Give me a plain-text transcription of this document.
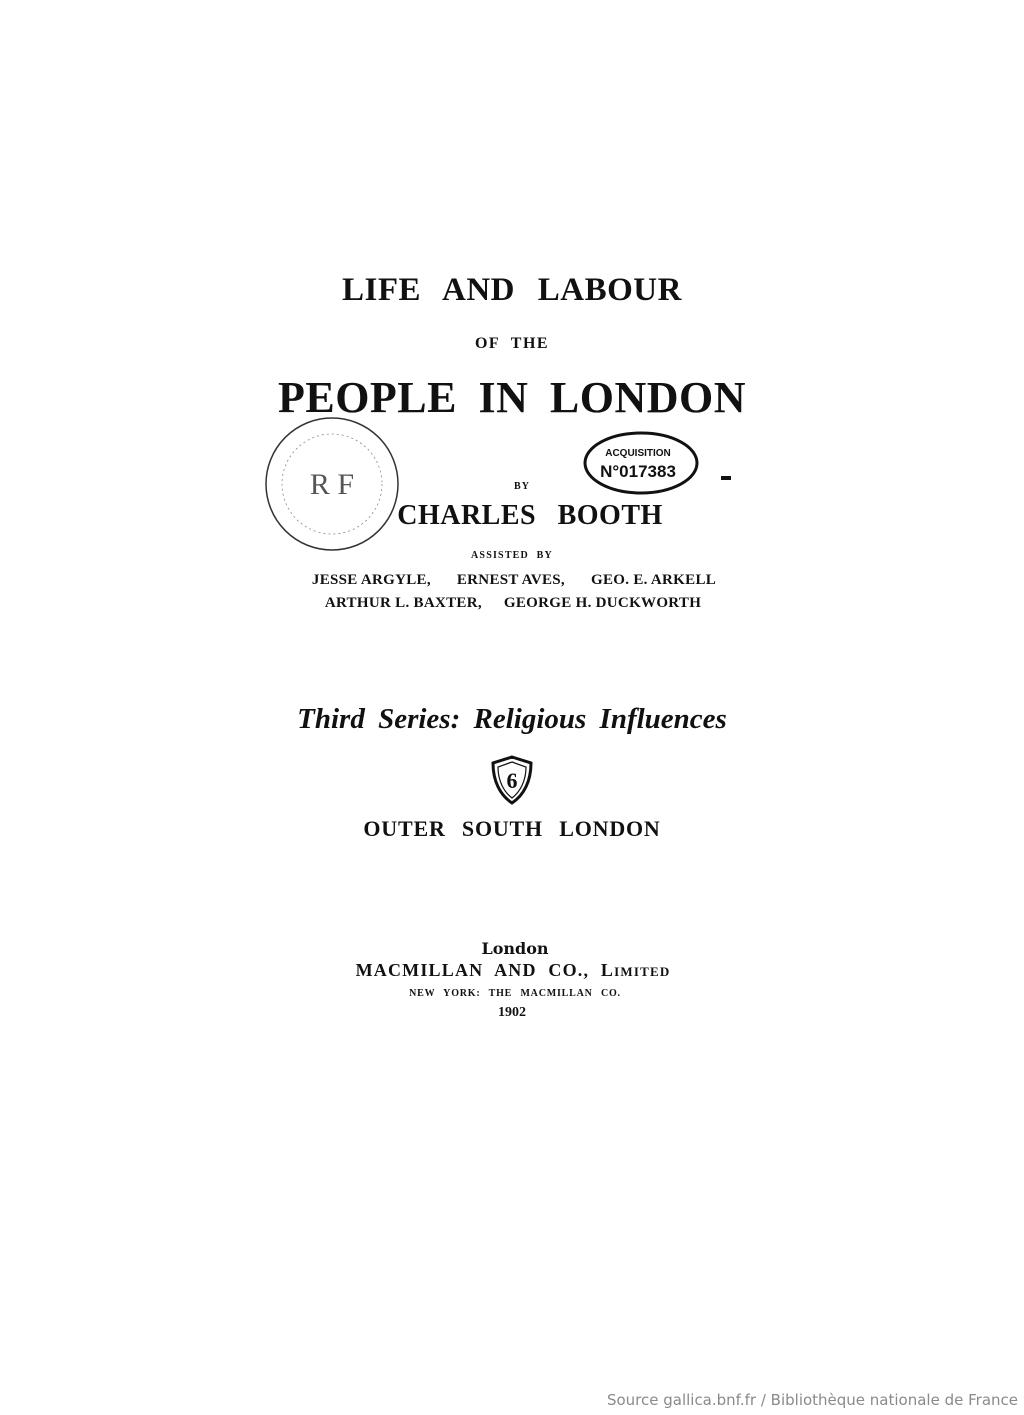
LIFE AND LABOUR
OF THE
PEOPLE IN LONDON
R F	BY
ACQUISITION
N°017383
CHARLES BOOTH
ASSISTED BY
JESSE ARGYLE, ERNEST AVES, GEO. E. ARKELL
ARTHUR L. BAXTER, GEORGE H. DUCKWORTH
Third Series: Religious Influences
6
OUTER SOUTH LONDON
London
MACMILLAN AND CO., Limited
NEW YORK: THE MACMILLAN CO.
1902
Source gallica.bnf.fr / Bibliothèque nationale de France
